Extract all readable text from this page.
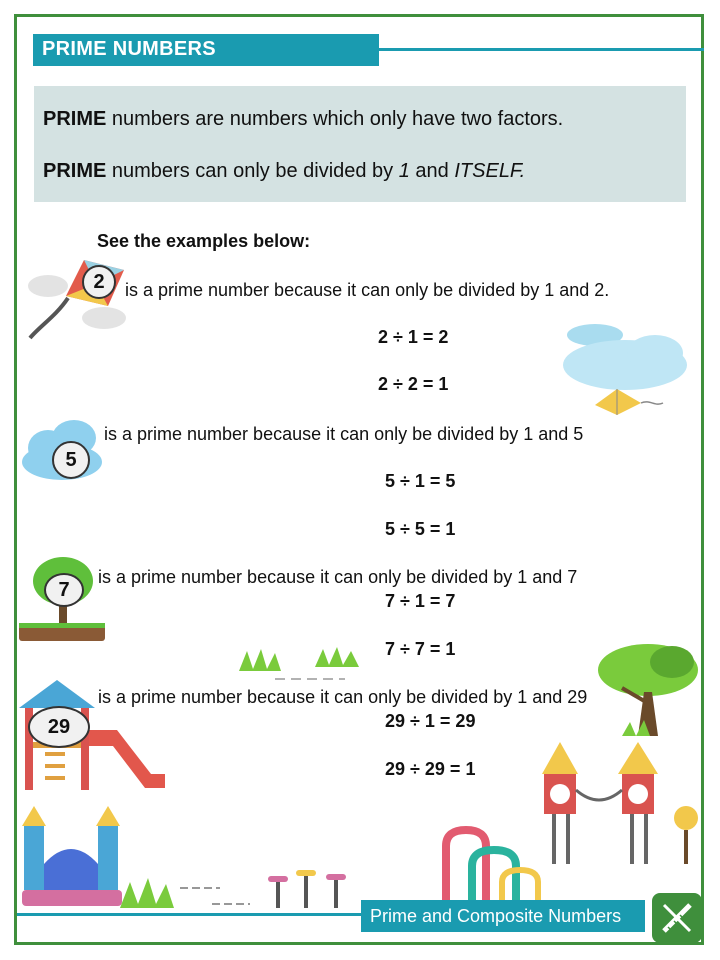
PRIME NUMBERS
PRIME numbers are numbers which only have two factors.
PRIME numbers can only be divided by 1 and ITSELF.
See the examples below:
2
5
7
29
is a prime number because it can only be divided by 1 and 2.
2 ÷ 1 = 2
2 ÷ 2 = 1
is a prime number because it can only be divided by 1 and 5
5 ÷ 1 = 5
5 ÷ 5 = 1
is a prime number because it can only be divided by 1 and 7
7 ÷ 1 = 7
7 ÷ 7 = 1
is a prime number because it can only be divided by 1 and 29
29 ÷ 1 = 29
29 ÷ 29 = 1
Prime and Composite Numbers
